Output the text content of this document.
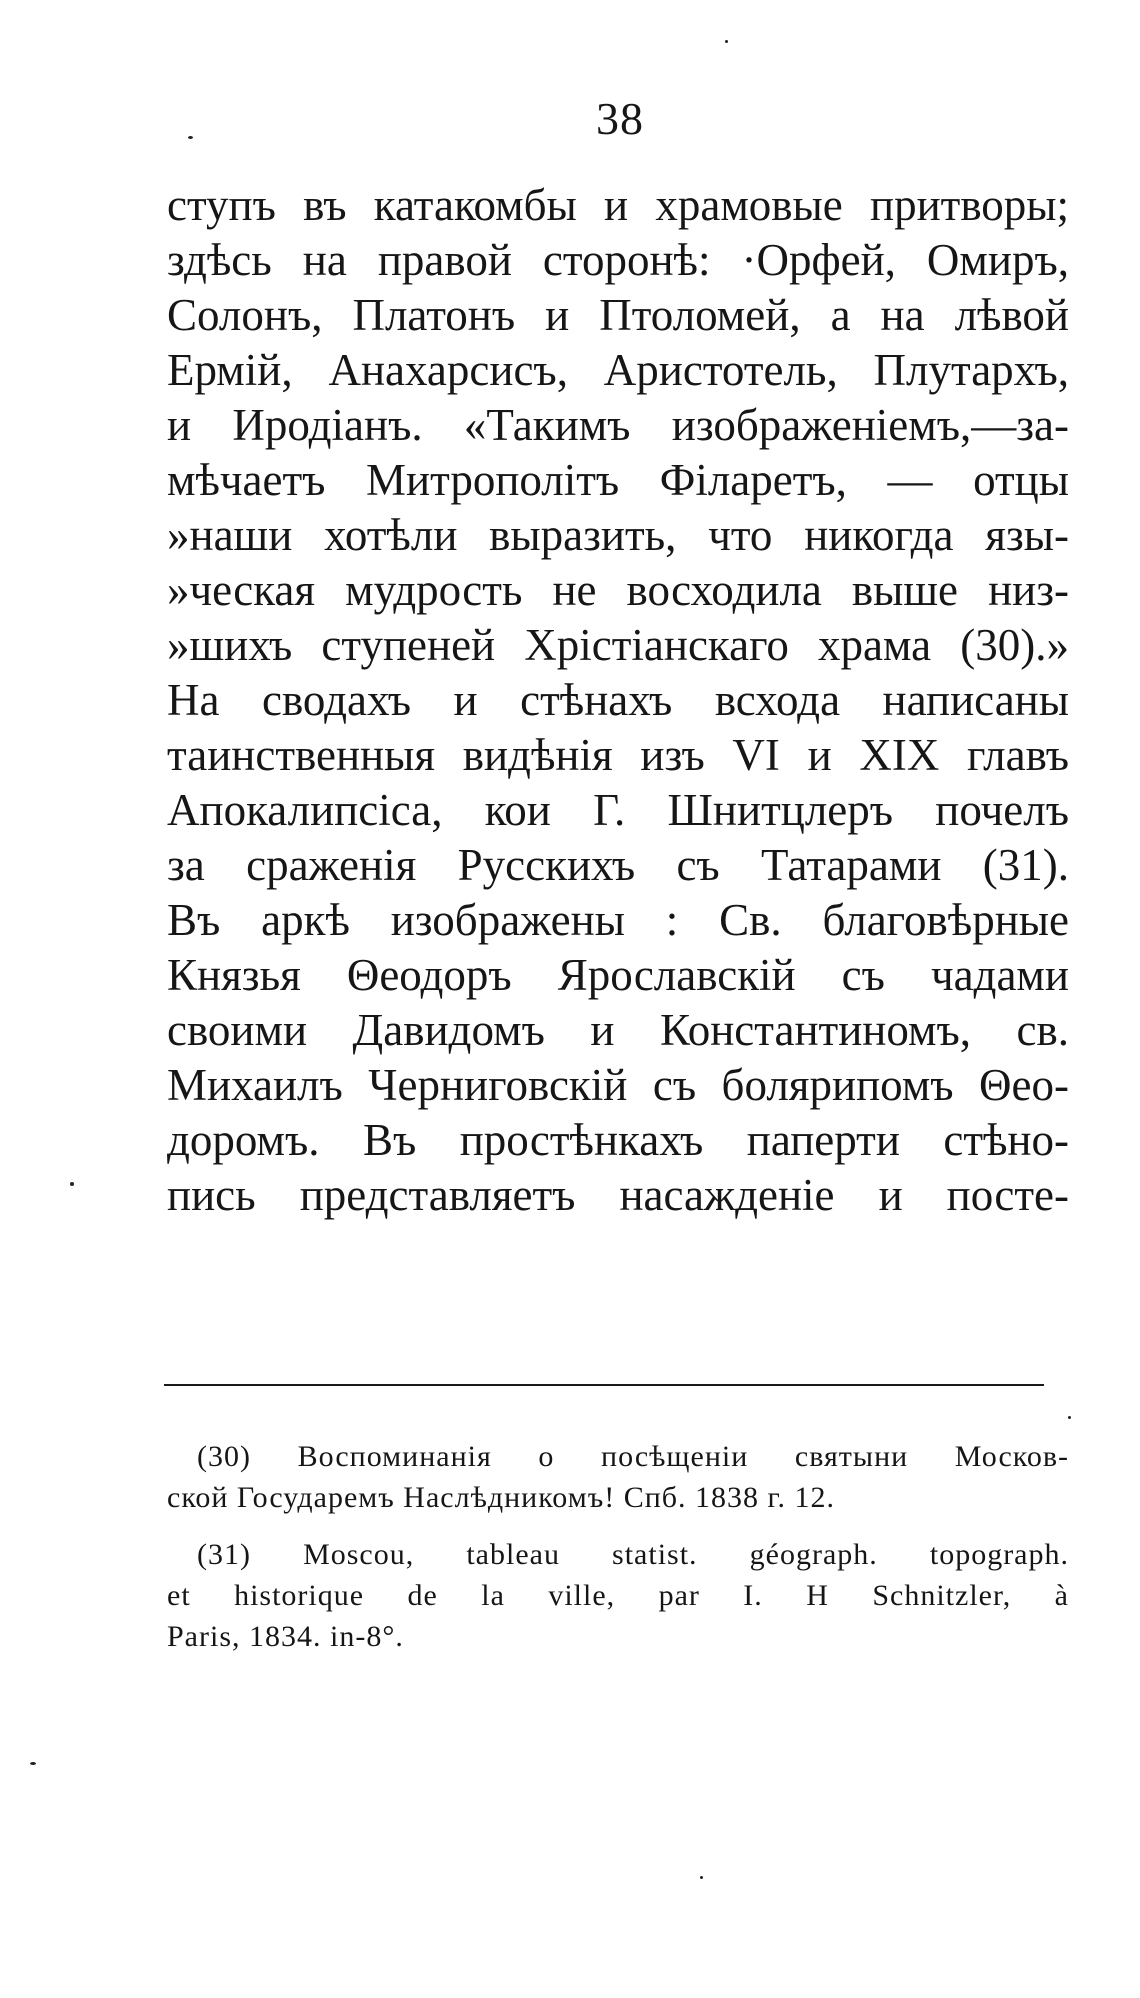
38
ступъ въ катакомбы и храмовые притворы;
здѣсь на правой сторонѣ: ·Орфей, Омиръ,
Солонъ, Платонъ и Птоломей, а на лѣвой
Ермій, Анахарсисъ, Аристотель, Плутархъ,
и Иродіанъ. «Такимъ изображеніемъ,—за-
мѣчаетъ Митрополітъ Філаретъ, — отцы
»наши хотѣли выразить, что никогда язы-
»ческая мудрость не восходила выше низ-
»шихъ ступеней Хрістіанскаго храма (30).»
На сводахъ и стѣнахъ всхода написаны
таинственныя видѣнія изъ VI и XIX главъ
Апокалипсіса, кои Г. Шнитцлеръ почелъ
за сраженія Русскихъ съ Татарами (31).
Въ аркѣ изображены : Св. благовѣрные
Князья Θеодоръ Ярославскій съ чадами
своими Давидомъ и Константиномъ, св.
Михаилъ Черниговскій съ болярипомъ Θео-
доромъ. Въ простѣнкахъ паперти стѣно-
пись представляетъ насажденіе и посте-
(30) Воспоминанія о посѣщеніи святыни Москов-
ской Государемъ Наслѣдникомъ! Спб. 1838 г. 12.
(31) Moscou, tableau statist. géograph. topograph.
et historique de la ville, par I. H Schnitzler, à
Paris, 1834. in-8°.
